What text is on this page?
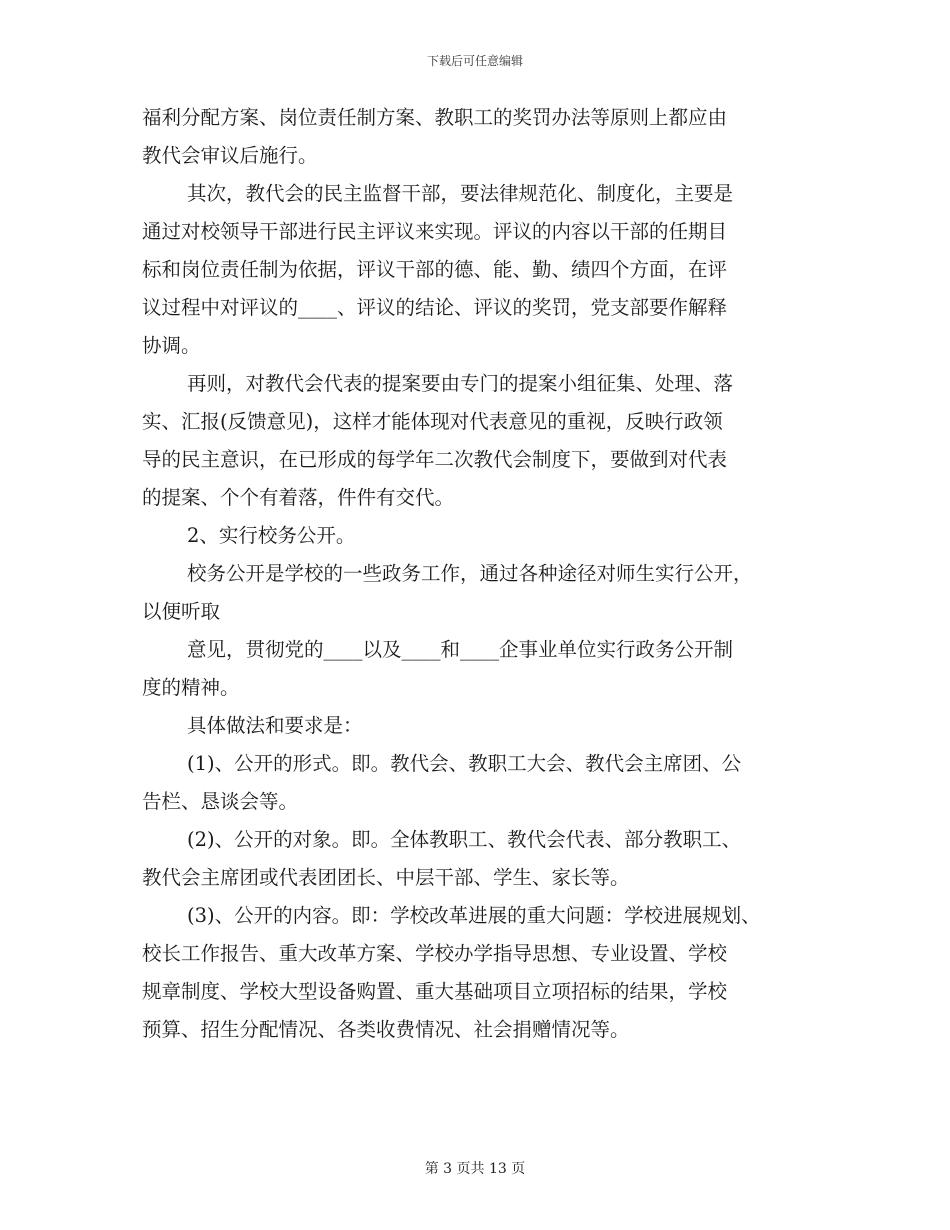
下载后可任意编辑
福利分配方案、岗位责任制方案、教职工的奖罚办法等原则上都应由
教代会审议后施行。
其次，教代会的民主监督干部，要法律规范化、制度化，主要是
通过对校领导干部进行民主评议来实现。评议的内容以干部的任期目
标和岗位责任制为依据，评议干部的德、能、勤、绩四个方面，在评
议过程中对评议的____、评议的结论、评议的奖罚，党支部要作解释
协调。
再则，对教代会代表的提案要由专门的提案小组征集、处理、落
实、汇报(反馈意见)，这样才能体现对代表意见的重视，反映行政领
导的民主意识，在已形成的每学年二次教代会制度下，要做到对代表
的提案、个个有着落，件件有交代。
2、实行校务公开。
校务公开是学校的一些政务工作，通过各种途径对师生实行公开，
以便听取
意见，贯彻党的____以及____和____企事业单位实行政务公开制
度的精神。
具体做法和要求是：
(1)、公开的形式。即。教代会、教职工大会、教代会主席团、公
告栏、恳谈会等。
(2)、公开的对象。即。全体教职工、教代会代表、部分教职工、
教代会主席团或代表团团长、中层干部、学生、家长等。
(3)、公开的内容。即：学校改革进展的重大问题：学校进展规划、
校长工作报告、重大改革方案、学校办学指导思想、专业设置、学校
规章制度、学校大型设备购置、重大基础项目立项招标的结果，学校
预算、招生分配情况、各类收费情况、社会捐赠情况等。
第 3 页共 13 页
